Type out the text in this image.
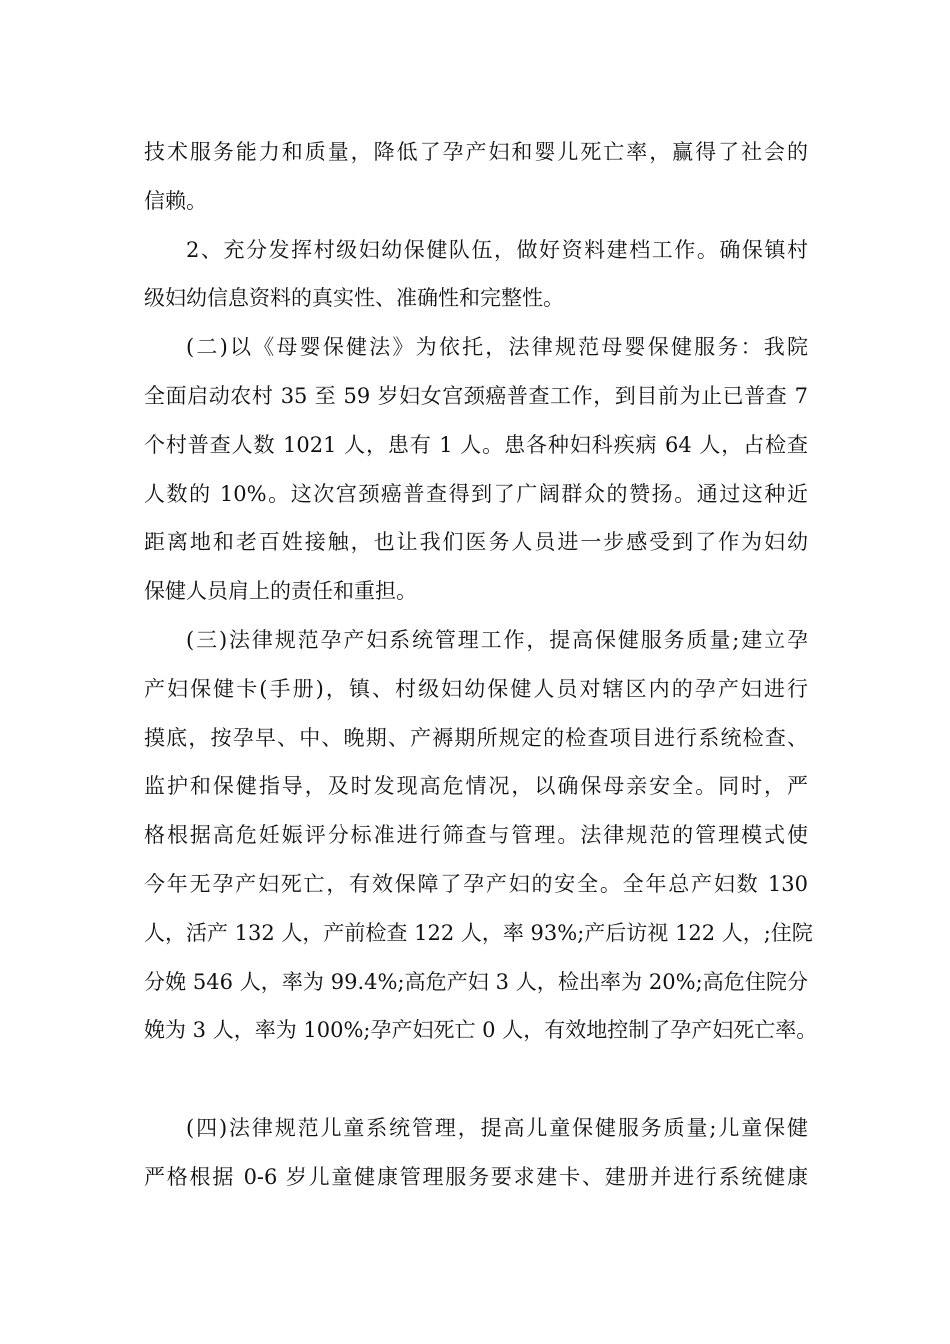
技术服务能力和质量，降低了孕产妇和婴儿死亡率，赢得了社会的
信赖。
2、充分发挥村级妇幼保健队伍，做好资料建档工作。确保镇村
级妇幼信息资料的真实性、准确性和完整性。
(二)以《母婴保健法》为依托，法律规范母婴保健服务：我院
全面启动农村 35 至 59 岁妇女宫颈癌普查工作，到目前为止已普查 7
个村普查人数 1021 人，患有 1 人。患各种妇科疾病 64 人，占检查
人数的 10%。这次宫颈癌普查得到了广阔群众的赞扬。通过这种近
距离地和老百姓接触，也让我们医务人员进一步感受到了作为妇幼
保健人员肩上的责任和重担。
(三)法律规范孕产妇系统管理工作，提高保健服务质量;建立孕
产妇保健卡(手册)，镇、村级妇幼保健人员对辖区内的孕产妇进行
摸底，按孕早、中、晚期、产褥期所规定的检查项目进行系统检查、
监护和保健指导，及时发现高危情况，以确保母亲安全。同时，严
格根据高危妊娠评分标准进行筛查与管理。法律规范的管理模式使
今年无孕产妇死亡，有效保障了孕产妇的安全。全年总产妇数 130
人，活产 132 人，产前检查 122 人，率 93%;产后访视 122 人，;住院
分娩 546 人，率为 99.4%;高危产妇 3 人，检出率为 20%;高危住院分
娩为 3 人，率为 100%;孕产妇死亡 0 人，有效地控制了孕产妇死亡率。
(四)法律规范儿童系统管理，提高儿童保健服务质量;儿童保健
严格根据 0-6 岁儿童健康管理服务要求建卡、建册并进行系统健康
